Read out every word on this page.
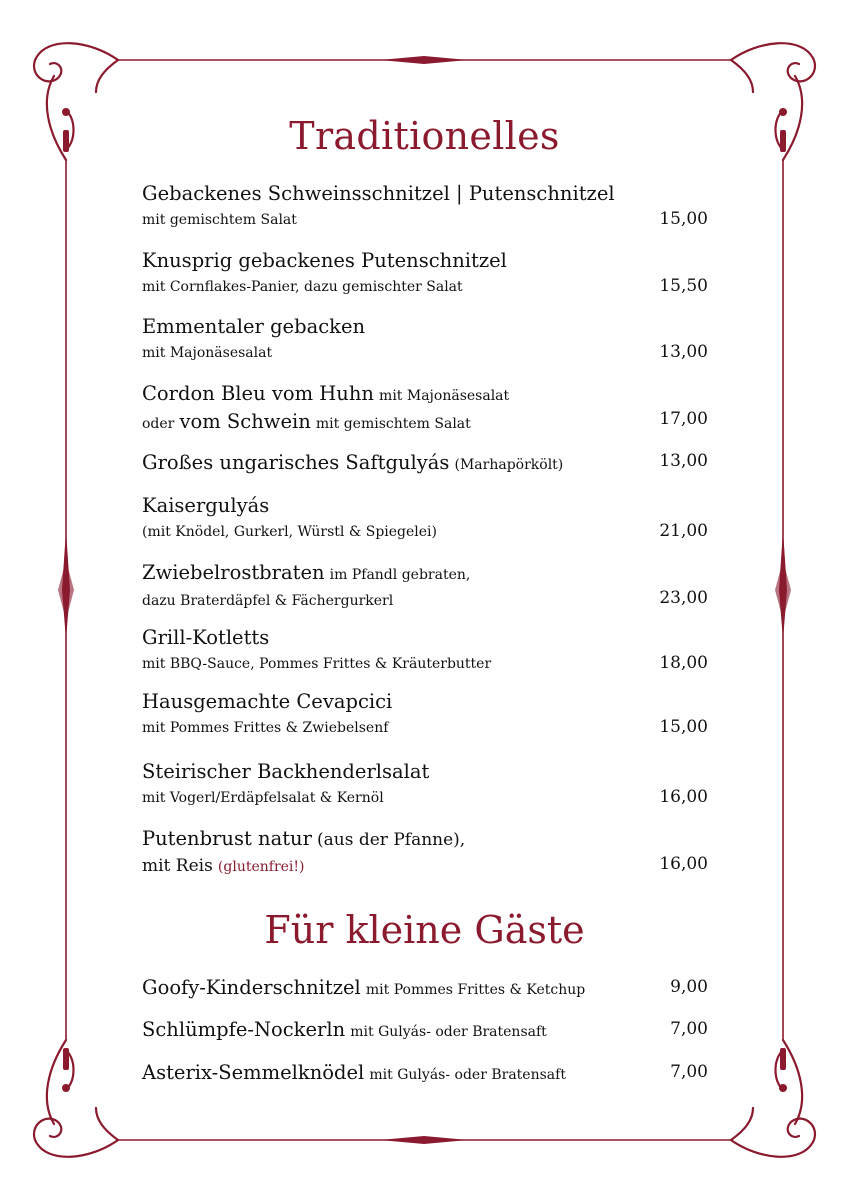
Traditionelles
Gebackenes Schweinsschnitzel | Putenschnitzel
mit gemischtem Salat	15,00
Knusprig gebackenes Putenschnitzel
mit Cornflakes-Panier, dazu gemischter Salat	15,50
Emmentaler gebacken
mit Majonäsesalat	13,00
Cordon Bleu vom Huhn mit Majonäsesalat
oder vom Schwein mit gemischtem Salat	17,00
Großes ungarisches Saftgulyás (Marhapörkölt)	13,00
Kaisergulyás
(mit Knödel, Gurkerl, Würstl & Spiegelei)	21,00
Zwiebelrostbraten im Pfandl gebraten,
dazu Braterdäpfel & Fächergurkerl	23,00
Grill-Kotletts
mit BBQ-Sauce, Pommes Frittes & Kräuterbutter	18,00
Hausgemachte Cevapcici
mit Pommes Frittes & Zwiebelsenf	15,00
Steirischer Backhenderlsalat
mit Vogerl/Erdäpfelsalat & Kernöl	16,00
Putenbrust natur (aus der Pfanne),
mit Reis (glutenfrei!)	16,00
Für kleine Gäste
Goofy-Kinderschnitzel mit Pommes Frittes & Ketchup	9,00
Schlümpfe-Nockerln mit Gulyás- oder Bratensaft	7,00
Asterix-Semmelknödel mit Gulyás- oder Bratensaft	7,00
